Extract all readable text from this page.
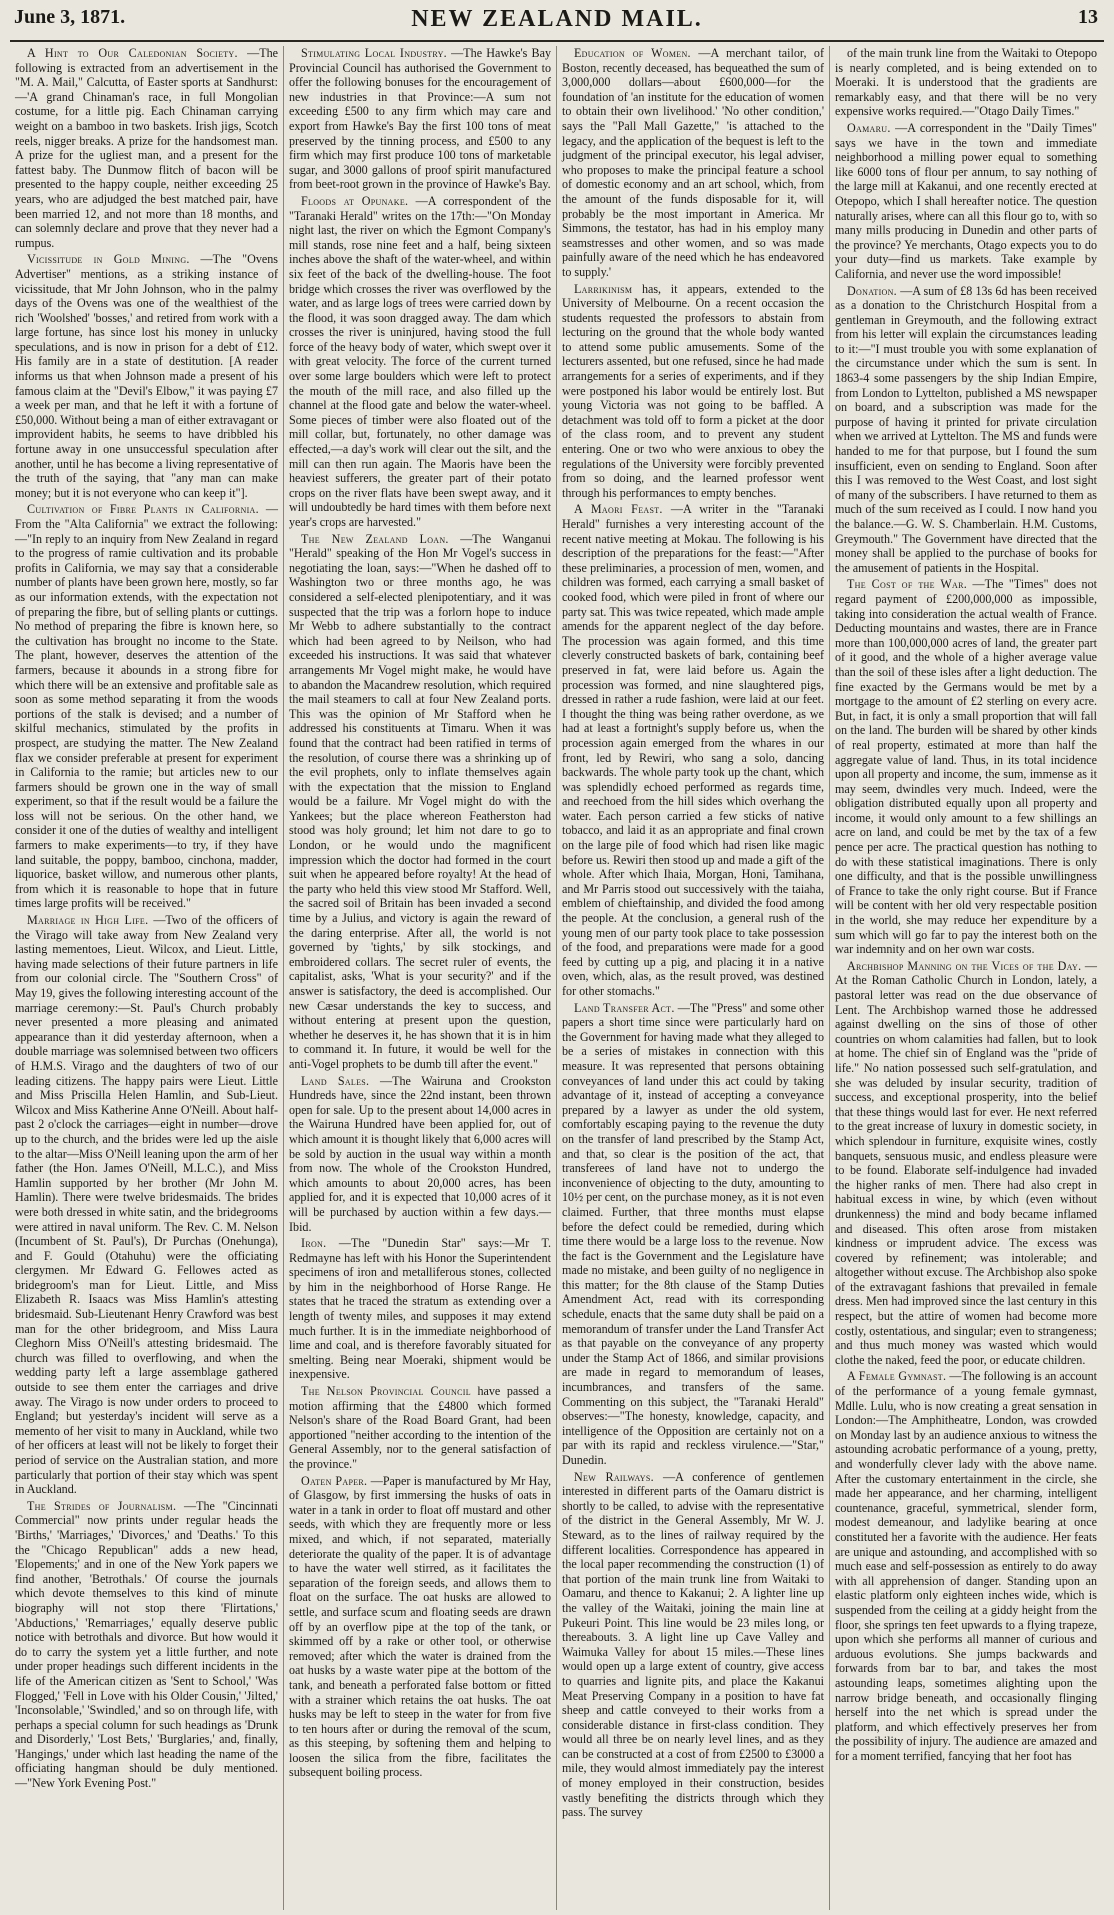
June 3, 1871.	NEW ZEALAND MAIL.	13
A Hint to Our Caledonian Society. —The following is extracted from an advertisement in the "M. A. Mail," Calcutta, of Easter sports at Sandhurst:—'A grand Chinaman's race, in full Mongolian costume, for a little pig. Each Chinaman carrying weight on a bamboo in two baskets. Irish jigs, Scotch reels, nigger breaks. A prize for the handsomest man. A prize for the ugliest man, and a present for the fattest baby. The Dunmow flitch of bacon will be presented to the happy couple, neither exceeding 25 years, who are adjudged the best matched pair, have been married 12, and not more than 18 months, and can solemnly declare and prove that they never had a rumpus.
Vicissitude in Gold Mining. —The "Ovens Advertiser" mentions, as a striking instance of vicissitude, that Mr John Johnson, who in the palmy days of the Ovens was one of the wealthiest of the rich 'Woolshed' 'bosses,' and retired from work with a large fortune, has since lost his money in unlucky speculations, and is now in prison for a debt of £12. His family are in a state of destitution. [A reader informs us that when Johnson made a present of his famous claim at the "Devil's Elbow," it was paying £7 a week per man, and that he left it with a fortune of £50,000. Without being a man of either extravagant or improvident habits, he seems to have dribbled his fortune away in one unsuccessful speculation after another, until he has become a living representative of the truth of the saying, that "any man can make money; but it is not everyone who can keep it"].
Cultivation of Fibre Plants in California. —From the "Alta California" we extract the following:—"In reply to an inquiry from New Zealand in regard to the progress of ramie cultivation and its probable profits in California, we may say that a considerable number of plants have been grown here, mostly, so far as our information extends, with the expectation not of preparing the fibre, but of selling plants or cuttings. No method of preparing the fibre is known here, so the cultivation has brought no income to the State. The plant, however, deserves the attention of the farmers, because it abounds in a strong fibre for which there will be an extensive and profitable sale as soon as some method separating it from the woods portions of the stalk is devised; and a number of skilful mechanics, stimulated by the profits in prospect, are studying the matter. The New Zealand flax we consider preferable at present for experiment in California to the ramie; but articles new to our farmers should be grown one in the way of small experiment, so that if the result would be a failure the loss will not be serious. On the other hand, we consider it one of the duties of wealthy and intelligent farmers to make experiments—to try, if they have land suitable, the poppy, bamboo, cinchona, madder, liquorice, basket willow, and numerous other plants, from which it is reasonable to hope that in future times large profits will be received."
Marriage in High Life. —Two of the officers of the Virago will take away from New Zealand very lasting mementoes, Lieut. Wilcox, and Lieut. Little, having made selections of their future partners in life from our colonial circle. The "Southern Cross" of May 19, gives the following interesting account of the marriage ceremony:—St. Paul's Church probably never presented a more pleasing and animated appearance than it did yesterday afternoon, when a double marriage was solemnised between two officers of H.M.S. Virago and the daughters of two of our leading citizens. The happy pairs were Lieut. Little and Miss Priscilla Helen Hamlin, and Sub-Lieut. Wilcox and Miss Katherine Anne O'Neill. About half-past 2 o'clock the carriages—eight in number—drove up to the church, and the brides were led up the aisle to the altar—Miss O'Neill leaning upon the arm of her father (the Hon. James O'Neill, M.L.C.), and Miss Hamlin supported by her brother (Mr John M. Hamlin). There were twelve bridesmaids. The brides were both dressed in white satin, and the bridegrooms were attired in naval uniform. The Rev. C. M. Nelson (Incumbent of St. Paul's), Dr Purchas (Onehunga), and F. Gould (Otahuhu) were the officiating clergymen. Mr Edward G. Fellowes acted as bridegroom's man for Lieut. Little, and Miss Elizabeth R. Isaacs was Miss Hamlin's attesting bridesmaid. Sub-Lieutenant Henry Crawford was best man for the other bridegroom, and Miss Laura Cleghorn Miss O'Neill's attesting bridesmaid. The church was filled to overflowing, and when the wedding party left a large assemblage gathered outside to see them enter the carriages and drive away. The Virago is now under orders to proceed to England; but yesterday's incident will serve as a memento of her visit to many in Auckland, while two of her officers at least will not be likely to forget their period of service on the Australian station, and more particularly that portion of their stay which was spent in Auckland.
The Strides of Journalism. —The "Cincinnati Commercial" now prints under regular heads the 'Births,' 'Marriages,' 'Divorces,' and 'Deaths.' To this the "Chicago Republican" adds a new head, 'Elopements;' and in one of the New York papers we find another, 'Betrothals.' Of course the journals which devote themselves to this kind of minute biography will not stop there 'Flirtations,' 'Abductions,' 'Remarriages,' equally deserve public notice with betrothals and divorce. But how would it do to carry the system yet a little further, and note under proper headings such different incidents in the life of the American citizen as 'Sent to School,' 'Was Flogged,' 'Fell in Love with his Older Cousin,' 'Jilted,' 'Inconsolable,' 'Swindled,' and so on through life, with perhaps a special column for such headings as 'Drunk and Disorderly,' 'Lost Bets,' 'Burglaries,' and, finally, 'Hangings,' under which last heading the name of the officiating hangman should be duly mentioned.—"New York Evening Post."
Stimulating Local Industry. —The Hawke's Bay Provincial Council has authorised the Government to offer the following bonuses for the encouragement of new industries in that Province:—A sum not exceeding £500 to any firm which may care and export from Hawke's Bay the first 100 tons of meat preserved by the tinning process, and £500 to any firm which may first produce 100 tons of marketable sugar, and 3000 gallons of proof spirit manufactured from beet-root grown in the province of Hawke's Bay.
Floods at Opunake. —A correspondent of the "Taranaki Herald" writes on the 17th:—"On Monday night last, the river on which the Egmont Company's mill stands, rose nine feet and a half, being sixteen inches above the shaft of the water-wheel, and within six feet of the back of the dwelling-house. The foot bridge which crosses the river was overflowed by the water, and as large logs of trees were carried down by the flood, it was soon dragged away. The dam which crosses the river is uninjured, having stood the full force of the heavy body of water, which swept over it with great velocity. The force of the current turned over some large boulders which were left to protect the mouth of the mill race, and also filled up the channel at the flood gate and below the water-wheel. Some pieces of timber were also floated out of the mill collar, but, fortunately, no other damage was effected,—a day's work will clear out the silt, and the mill can then run again. The Maoris have been the heaviest sufferers, the greater part of their potato crops on the river flats have been swept away, and it will undoubtedly be hard times with them before next year's crops are harvested."
The New Zealand Loan. —The Wanganui "Herald" speaking of the Hon Mr Vogel's success in negotiating the loan, says:—"When he dashed off to Washington two or three months ago, he was considered a self-elected plenipotentiary, and it was suspected that the trip was a forlorn hope to induce Mr Webb to adhere substantially to the contract which had been agreed to by Neilson, who had exceeded his instructions. It was said that whatever arrangements Mr Vogel might make, he would have to abandon the Macandrew resolution, which required the mail steamers to call at four New Zealand ports. This was the opinion of Mr Stafford when he addressed his constituents at Timaru. When it was found that the contract had been ratified in terms of the resolution, of course there was a shrinking up of the evil prophets, only to inflate themselves again with the expectation that the mission to England would be a failure. Mr Vogel might do with the Yankees; but the place whereon Featherston had stood was holy ground; let him not dare to go to London, or he would undo the magnificent impression which the doctor had formed in the court suit when he appeared before royalty! At the head of the party who held this view stood Mr Stafford. Well, the sacred soil of Britain has been invaded a second time by a Julius, and victory is again the reward of the daring enterprise. After all, the world is not governed by 'tights,' by silk stockings, and embroidered collars. The secret ruler of events, the capitalist, asks, 'What is your security?' and if the answer is satisfactory, the deed is accomplished. Our new Cæsar understands the key to success, and without entering at present upon the question, whether he deserves it, he has shown that it is in him to command it. In future, it would be well for the anti-Vogel prophets to be dumb till after the event."
Land Sales. —The Wairuna and Crookston Hundreds have, since the 22nd instant, been thrown open for sale. Up to the present about 14,000 acres in the Wairuna Hundred have been applied for, out of which amount it is thought likely that 6,000 acres will be sold by auction in the usual way within a month from now. The whole of the Crookston Hundred, which amounts to about 20,000 acres, has been applied for, and it is expected that 10,000 acres of it will be purchased by auction within a few days.—Ibid.
Iron. —The "Dunedin Star" says:—Mr T. Redmayne has left with his Honor the Superintendent specimens of iron and metalliferous stones, collected by him in the neighborhood of Horse Range. He states that he traced the stratum as extending over a length of twenty miles, and supposes it may extend much further. It is in the immediate neighborhood of lime and coal, and is therefore favorably situated for smelting. Being near Moeraki, shipment would be inexpensive.
The Nelson Provincial Council have passed a motion affirming that the £4800 which formed Nelson's share of the Road Board Grant, had been apportioned "neither according to the intention of the General Assembly, nor to the general satisfaction of the province."
Oaten Paper. —Paper is manufactured by Mr Hay, of Glasgow, by first immersing the husks of oats in water in a tank in order to float off mustard and other seeds, with which they are frequently more or less mixed, and which, if not separated, materially deteriorate the quality of the paper. It is of advantage to have the water well stirred, as it facilitates the separation of the foreign seeds, and allows them to float on the surface. The oat husks are allowed to settle, and surface scum and floating seeds are drawn off by an overflow pipe at the top of the tank, or skimmed off by a rake or other tool, or otherwise removed; after which the water is drained from the oat husks by a waste water pipe at the bottom of the tank, and beneath a perforated false bottom or fitted with a strainer which retains the oat husks. The oat husks may be left to steep in the water for from five to ten hours after or during the removal of the scum, as this steeping, by softening them and helping to loosen the silica from the fibre, facilitates the subsequent boiling process.
Education of Women. —A merchant tailor, of Boston, recently deceased, has bequeathed the sum of 3,000,000 dollars—about £600,000—for the foundation of 'an institute for the education of women to obtain their own livelihood.' 'No other condition,' says the "Pall Mall Gazette," 'is attached to the legacy, and the application of the bequest is left to the judgment of the principal executor, his legal adviser, who proposes to make the principal feature a school of domestic economy and an art school, which, from the amount of the funds disposable for it, will probably be the most important in America. Mr Simmons, the testator, has had in his employ many seamstresses and other women, and so was made painfully aware of the need which he has endeavored to supply.'
Larrikinism has, it appears, extended to the University of Melbourne. On a recent occasion the students requested the professors to abstain from lecturing on the ground that the whole body wanted to attend some public amusements. Some of the lecturers assented, but one refused, since he had made arrangements for a series of experiments, and if they were postponed his labor would be entirely lost. But young Victoria was not going to be baffled. A detachment was told off to form a picket at the door of the class room, and to prevent any student entering. One or two who were anxious to obey the regulations of the University were forcibly prevented from so doing, and the learned professor went through his performances to empty benches.
A Maori Feast. —A writer in the "Taranaki Herald" furnishes a very interesting account of the recent native meeting at Mokau. The following is his description of the preparations for the feast:—"After these preliminaries, a procession of men, women, and children was formed, each carrying a small basket of cooked food, which were piled in front of where our party sat. This was twice repeated, which made ample amends for the apparent neglect of the day before. The procession was again formed, and this time cleverly constructed baskets of bark, containing beef preserved in fat, were laid before us. Again the procession was formed, and nine slaughtered pigs, dressed in rather a rude fashion, were laid at our feet. I thought the thing was being rather overdone, as we had at least a fortnight's supply before us, when the procession again emerged from the whares in our front, led by Rewiri, who sang a solo, dancing backwards. The whole party took up the chant, which was splendidly echoed performed as regards time, and reechoed from the hill sides which overhang the water. Each person carried a few sticks of native tobacco, and laid it as an appropriate and final crown on the large pile of food which had risen like magic before us. Rewiri then stood up and made a gift of the whole. After which Ihaia, Morgan, Honi, Tamihana, and Mr Parris stood out successively with the taiaha, emblem of chieftainship, and divided the food among the people. At the conclusion, a general rush of the young men of our party took place to take possession of the food, and preparations were made for a good feed by cutting up a pig, and placing it in a native oven, which, alas, as the result proved, was destined for other stomachs."
Land Transfer Act. —The "Press" and some other papers a short time since were particularly hard on the Government for having made what they alleged to be a series of mistakes in connection with this measure. It was represented that persons obtaining conveyances of land under this act could by taking advantage of it, instead of accepting a conveyance prepared by a lawyer as under the old system, comfortably escaping paying to the revenue the duty on the transfer of land prescribed by the Stamp Act, and that, so clear is the position of the act, that transferees of land have not to undergo the inconvenience of objecting to the duty, amounting to 10½ per cent, on the purchase money, as it is not even claimed. Further, that three months must elapse before the defect could be remedied, during which time there would be a large loss to the revenue. Now the fact is the Government and the Legislature have made no mistake, and been guilty of no negligence in this matter; for the 8th clause of the Stamp Duties Amendment Act, read with its corresponding schedule, enacts that the same duty shall be paid on a memorandum of transfer under the Land Transfer Act as that payable on the conveyance of any property under the Stamp Act of 1866, and similar provisions are made in regard to memorandum of leases, incumbrances, and transfers of the same. Commenting on this subject, the "Taranaki Herald" observes:—"The honesty, knowledge, capacity, and intelligence of the Opposition are certainly not on a par with its rapid and reckless virulence.—"Star," Dunedin.
New Railways. —A conference of gentlemen interested in different parts of the Oamaru district is shortly to be called, to advise with the representative of the district in the General Assembly, Mr W. J. Steward, as to the lines of railway required by the different localities. Correspondence has appeared in the local paper recommending the construction (1) of that portion of the main trunk line from Waitaki to Oamaru, and thence to Kakanui; 2. A lighter line up the valley of the Waitaki, joining the main line at Pukeuri Point. This line would be 23 miles long, or thereabouts. 3. A light line up Cave Valley and Waimuka Valley for about 15 miles.—These lines would open up a large extent of country, give access to quarries and lignite pits, and place the Kakanui Meat Preserving Company in a position to have fat sheep and cattle conveyed to their works from a considerable distance in first-class condition. They would all three be on nearly level lines, and as they can be constructed at a cost of from £2500 to £3000 a mile, they would almost immediately pay the interest of money employed in their construction, besides vastly benefiting the districts through which they pass. The survey
of the main trunk line from the Waitaki to Otepopo is nearly completed, and is being extended on to Moeraki. It is understood that the gradients are remarkably easy, and that there will be no very expensive works required.—"Otago Daily Times."
Oamaru. —A correspondent in the "Daily Times" says we have in the town and immediate neighborhood a milling power equal to something like 6000 tons of flour per annum, to say nothing of the large mill at Kakanui, and one recently erected at Otepopo, which I shall hereafter notice. The question naturally arises, where can all this flour go to, with so many mills producing in Dunedin and other parts of the province? Ye merchants, Otago expects you to do your duty—find us markets. Take example by California, and never use the word impossible!
Donation. —A sum of £8 13s 6d has been received as a donation to the Christchurch Hospital from a gentleman in Greymouth, and the following extract from his letter will explain the circumstances leading to it:—"I must trouble you with some explanation of the circumstance under which the sum is sent. In 1863-4 some passengers by the ship Indian Empire, from London to Lyttelton, published a MS newspaper on board, and a subscription was made for the purpose of having it printed for private circulation when we arrived at Lyttelton. The MS and funds were handed to me for that purpose, but I found the sum insufficient, even on sending to England. Soon after this I was removed to the West Coast, and lost sight of many of the subscribers. I have returned to them as much of the sum received as I could. I now hand you the balance.—G. W. S. Chamberlain. H.M. Customs, Greymouth." The Government have directed that the money shall be applied to the purchase of books for the amusement of patients in the Hospital.
The Cost of the War. —The "Times" does not regard payment of £200,000,000 as impossible, taking into consideration the actual wealth of France. Deducting mountains and wastes, there are in France more than 100,000,000 acres of land, the greater part of it good, and the whole of a higher average value than the soil of these isles after a light deduction. The fine exacted by the Germans would be met by a mortgage to the amount of £2 sterling on every acre. But, in fact, it is only a small proportion that will fall on the land. The burden will be shared by other kinds of real property, estimated at more than half the aggregate value of land. Thus, in its total incidence upon all property and income, the sum, immense as it may seem, dwindles very much. Indeed, were the obligation distributed equally upon all property and income, it would only amount to a few shillings an acre on land, and could be met by the tax of a few pence per acre. The practical question has nothing to do with these statistical imaginations. There is only one difficulty, and that is the possible unwillingness of France to take the only right course. But if France will be content with her old very respectable position in the world, she may reduce her expenditure by a sum which will go far to pay the interest both on the war indemnity and on her own war costs.
Archbishop Manning on the Vices of the Day. —At the Roman Catholic Church in London, lately, a pastoral letter was read on the due observance of Lent. The Archbishop warned those he addressed against dwelling on the sins of those of other countries on whom calamities had fallen, but to look at home. The chief sin of England was the "pride of life." No nation possessed such self-gratulation, and she was deluded by insular security, tradition of success, and exceptional prosperity, into the belief that these things would last for ever. He next referred to the great increase of luxury in domestic society, in which splendour in furniture, exquisite wines, costly banquets, sensuous music, and endless pleasure were to be found. Elaborate self-indulgence had invaded the higher ranks of men. There had also crept in habitual excess in wine, by which (even without drunkenness) the mind and body became inflamed and diseased. This often arose from mistaken kindness or imprudent advice. The excess was covered by refinement; was intolerable; and altogether without excuse. The Archbishop also spoke of the extravagant fashions that prevailed in female dress. Men had improved since the last century in this respect, but the attire of women had become more costly, ostentatious, and singular; even to strangeness; and thus much money was wasted which would clothe the naked, feed the poor, or educate children.
A Female Gymnast. —The following is an account of the performance of a young female gymnast, Mdlle. Lulu, who is now creating a great sensation in London:—The Amphitheatre, London, was crowded on Monday last by an audience anxious to witness the astounding acrobatic performance of a young, pretty, and wonderfully clever lady with the above name. After the customary entertainment in the circle, she made her appearance, and her charming, intelligent countenance, graceful, symmetrical, slender form, modest demeanour, and ladylike bearing at once constituted her a favorite with the audience. Her feats are unique and astounding, and accomplished with so much ease and self-possession as entirely to do away with all apprehension of danger. Standing upon an elastic platform only eighteen inches wide, which is suspended from the ceiling at a giddy height from the floor, she springs ten feet upwards to a flying trapeze, upon which she performs all manner of curious and arduous evolutions. She jumps backwards and forwards from bar to bar, and takes the most astounding leaps, sometimes alighting upon the narrow bridge beneath, and occasionally flinging herself into the net which is spread under the platform, and which effectively preserves her from the possibility of injury. The audience are amazed and for a moment terrified, fancying that her foot has
